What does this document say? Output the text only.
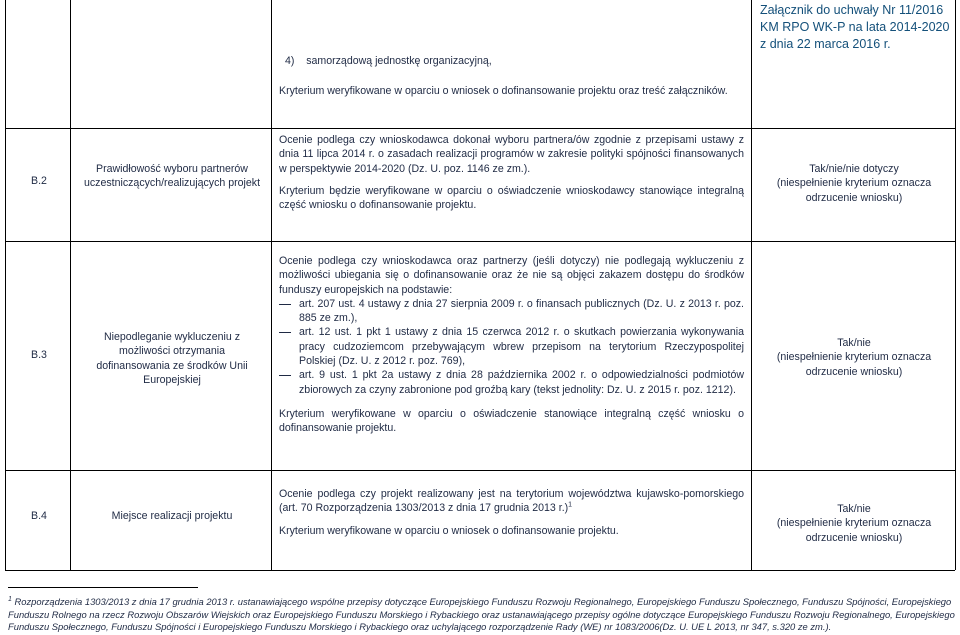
Załącznik do uchwały Nr 11/2016
KM RPO WK-P na lata 2014-2020
z dnia 22 marca 2016 r.
4)    samorządową jednostkę organizacyjną,
Kryterium weryfikowane w oparciu o wniosek o dofinansowanie projektu oraz treść załączników.
B.2
Prawidłowość wyboru partnerów uczestniczących/realizujących projekt
Ocenie podlega czy wnioskodawca dokonał wyboru partnera/ów zgodnie z przepisami ustawy z dnia 11 lipca 2014 r. o zasadach realizacji programów w zakresie polityki spójności finansowanych w perspektywie 2014-2020 (Dz. U. poz. 1146 ze zm.).
Kryterium będzie weryfikowane w oparciu o oświadczenie wnioskodawcy stanowiące integralną część wniosku o dofinansowanie projektu.
Tak/nie/nie dotyczy
(niespełnienie kryterium oznacza odrzucenie wniosku)
B.3
Niepodleganie wykluczeniu z możliwości otrzymania dofinansowania ze środków Unii Europejskiej
Ocenie podlega czy wnioskodawca oraz partnerzy (jeśli dotyczy) nie podlegają wykluczeniu z możliwości ubiegania się o dofinansowanie oraz że nie są objęci zakazem dostępu do środków funduszy europejskich na podstawie:
art. 207 ust. 4 ustawy z dnia 27 sierpnia 2009 r. o finansach publicznych (Dz. U. z 2013 r. poz. 885 ze zm.),
art. 12 ust. 1 pkt 1 ustawy z dnia 15 czerwca 2012 r. o skutkach powierzania wykonywania pracy cudzoziemcom przebywającym wbrew przepisom na terytorium Rzeczypospolitej Polskiej (Dz. U. z 2012 r. poz. 769),
art. 9 ust. 1 pkt 2a ustawy z dnia 28 października 2002 r. o odpowiedzialności podmiotów zbiorowych za czyny zabronione pod groźbą kary (tekst jednolity: Dz. U. z 2015 r. poz. 1212).
Kryterium weryfikowane w oparciu o oświadczenie stanowiące integralną część wniosku o dofinansowanie projektu.
Tak/nie
(niespełnienie kryterium oznacza odrzucenie wniosku)
B.4	Miejsce realizacji projektu
Ocenie podlega czy projekt realizowany jest na terytorium województwa kujawsko-pomorskiego (art. 70 Rozporządzenia 1303/2013 z dnia 17 grudnia 2013 r.)$^1$
Kryterium weryfikowane w oparciu o wniosek o dofinansowanie projektu.
Tak/nie
(niespełnienie kryterium oznacza odrzucenie wniosku)
$^1$ Rozporządzenia 1303/2013 z dnia 17 grudnia 2013 r. ustanawiającego wspólne przepisy dotyczące Europejskiego Funduszu Rozwoju Regionalnego, Europejskiego Funduszu Społecznego, Funduszu Spójności, Europejskiego Funduszu Rolnego na rzecz Rozwoju Obszarów Wiejskich oraz Europejskiego Funduszu Morskiego i Rybackiego oraz ustanawiającego przepisy ogólne dotyczące Europejskiego Funduszu Rozwoju Regionalnego, Europejskiego Funduszu Społecznego, Funduszu Spójności i Europejskiego Funduszu Morskiego i Rybackiego oraz uchylającego rozporządzenie Rady (WE) nr 1083/2006(Dz. U. UE L 2013, nr 347, s.320 ze zm.).
